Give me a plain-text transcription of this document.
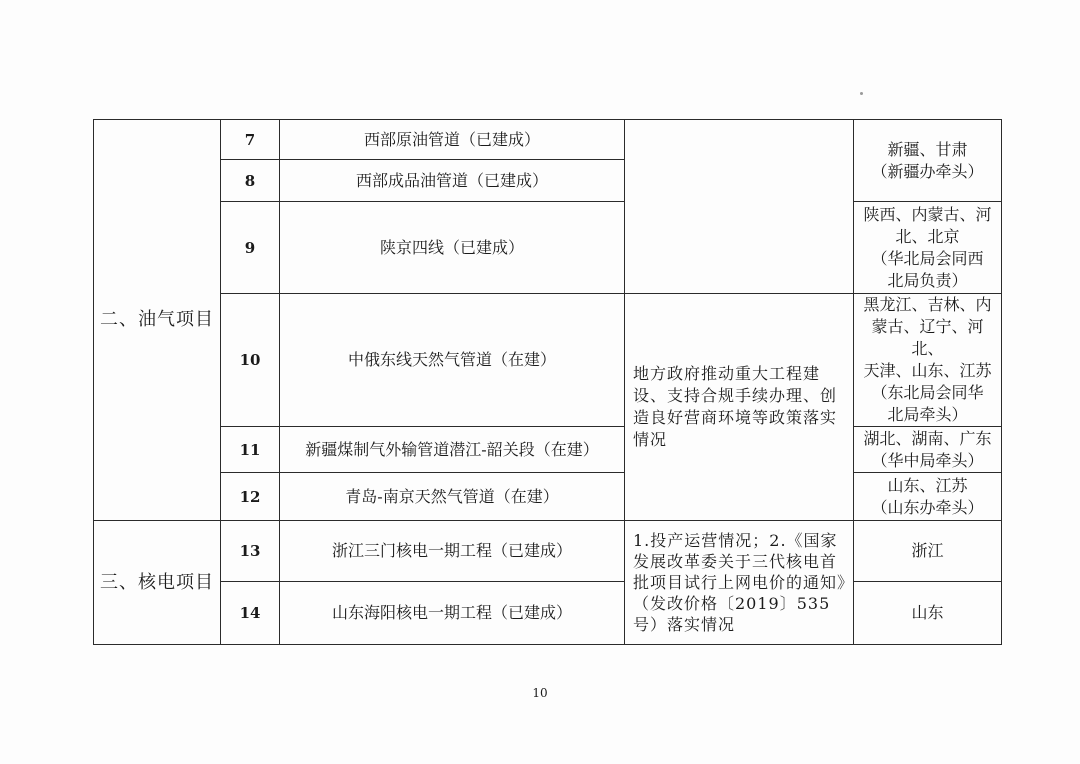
二、油气项目	7	西部原油管道（已建成）		新疆、甘肃
（新疆办牵头）

	8	西部成品油管道（已建成）		
	9	陕京四线（已建成）		陕西、内蒙古、河
北、北京
（华北局会同西
北局负责）

	10	中俄东线天然气管道（在建）	地方政府推动重大工程建设、支持合规手续办理、创造良好营商环境等政策落实情况	黑龙江、吉林、内
蒙古、辽宁、河北、
天津、山东、江苏
（东北局会同华
北局牵头）

	11	新疆煤制气外输管道潜江-韶关段（在建）		湖北、湖南、广东
（华中局牵头）

	12	青岛-南京天然气管道（在建）		山东、江苏
（山东办牵头）

三、核电项目	13	浙江三门核电一期工程（已建成）	1.投产运营情况；2.《国家发展改革委关于三代核电首批项目试行上网电价的通知》（发改价格〔2019〕535号）落实情况	浙江
	14	山东海阳核电一期工程（已建成）		山东
10
